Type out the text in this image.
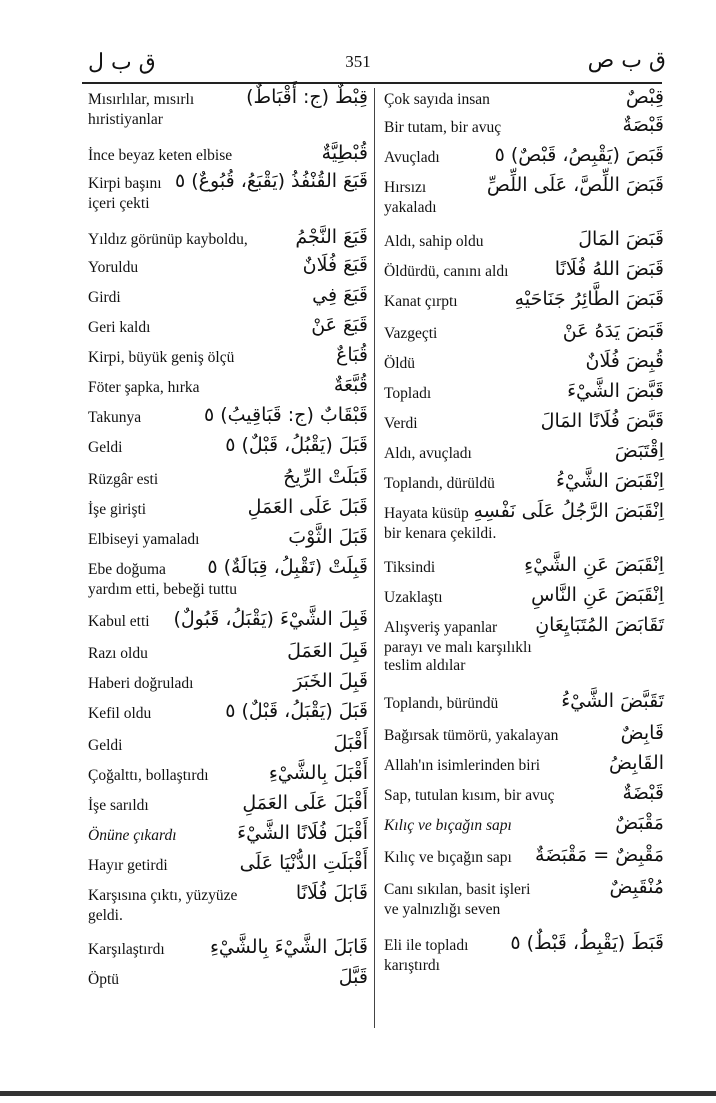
ق ب ل	351	ق ب ص
Mısırlılar, mısırlı	قِبْطٌ (ج: أَقْبَاطٌ)
hıristiyanlar
İnce beyaz keten elbise	قُبْطِيَّةٌ
Kirpi başını قَبَعَ القُنْفُذُ (يَقْبَعُ، قُبُوعٌ) ٥
içeri çekti
Yıldız görünüp kayboldu,	قَبَعَ النَّجْمُ
Yoruldu	قَبَعَ فُلَانٌ
Girdi	قَبَعَ فِي
Geri kaldı	قَبَعَ عَنْ
Kirpi, büyük geniş ölçü	قُبَاعٌ
Föter şapka, hırka	قُبَّعَةٌ
Takunya	قَبْقَابٌ (ج: قَبَاقِيبُ) ٥
Geldi	قَبَلَ (يَقْبُلُ، قَبْلٌ) ٥
Rüzgâr esti	قَبَلَتْ الرِّيحُ
İşe girişti	قَبَلَ عَلَى العَمَلِ
Elbiseyi yamaladı	قَبَلَ الثَّوْبَ
Ebe doğuma قَبِلَتْ (تَقْبِلُ، قِبَالَةٌ) ٥
yardım etti, bebeği tuttu
Kabul etti قَبِلَ الشَّيْءَ (يَقْبَلُ، قَبُولٌ)
Razı oldu	قَبِلَ العَمَلَ
Haberi doğruladı	قَبِلَ الخَبَرَ
Kefil oldu	قَبَلَ (يَقْبَلُ، قَبْلٌ) ٥
Geldi	أَقْبَلَ
Çoğalttı, bollaştırdı	أَقْبَلَ بِالشَّيْءِ
İşe sarıldı	أَقْبَلَ عَلَى العَمَلِ
Önüne çıkardı	أَقْبَلَ فُلَانًا الشَّيْءَ
Hayır getirdi	أَقْبَلَتِ الدُّنْيَا عَلَى
Karşısına çıktı, yüzyüze	قَابَلَ فُلَانًا
geldi.
Karşılaştırdı قَابَلَ الشَّيْءَ بِالشَّيْءِ
Öptü	قَبَّلَ
Çok sayıda insan	قِبْصٌ
Bir tutam, bir avuç	قَبْصَةٌ
Avuçladı	قَبَصَ (يَقْبِصُ، قَبْصٌ) ٥
Hırsızı	قَبَضَ اللِّصَّ، عَلَى اللِّصِّ
yakaladı
Aldı, sahip oldu	قَبَضَ المَالَ
Öldürdü, canını aldı قَبَضَ اللهُ فُلَانًا
Kanat çırptı	قَبَضَ الطَّائِرُ جَنَاحَيْهِ
Vazgeçti	قَبَضَ يَدَهُ عَنْ
Öldü	قُبِضَ فُلَانٌ
Topladı	قَبَّضَ الشَّيْءَ
Verdi	قَبَّضَ فُلَانًا المَالَ
Aldı, avuçladı	اِقْتَبَضَ
Toplandı, dürüldü	اِنْقَبَضَ الشَّيْءُ
Hayata küsüp اِنْقَبَضَ الرَّجُلُ عَلَى نَفْسِهِ
bir kenara çekildi.
Tiksindi	اِنْقَبَضَ عَنِ الشَّيْءِ
Uzaklaştı	اِنْقَبَضَ عَنِ النَّاسِ
Alışveriş yapanlar تَقَابَضَ المُتَبَايِعَانِ
parayı ve malı karşılıklı
teslim aldılar
Toplandı, büründü	تَقَبَّضَ الشَّيْءُ
Bağırsak tümörü, yakalayan	قَابِضٌ
Allah'ın isimlerinden biri	القَابِضُ
Sap, tutulan kısım, bir avuç	قَبْضَةٌ
Kılıç ve bıçağın sapı	مَقْبَضٌ
Kılıç ve bıçağın sapı مَقْبِضٌ = مَقْبَضَةٌ
Canı sıkılan, basit işleri	مُنْقَبِضٌ
ve yalnızlığı seven
Eli ile topladı قَبَطَ (يَقْبِطُ، قَبْطٌ) ٥
karıştırdı
